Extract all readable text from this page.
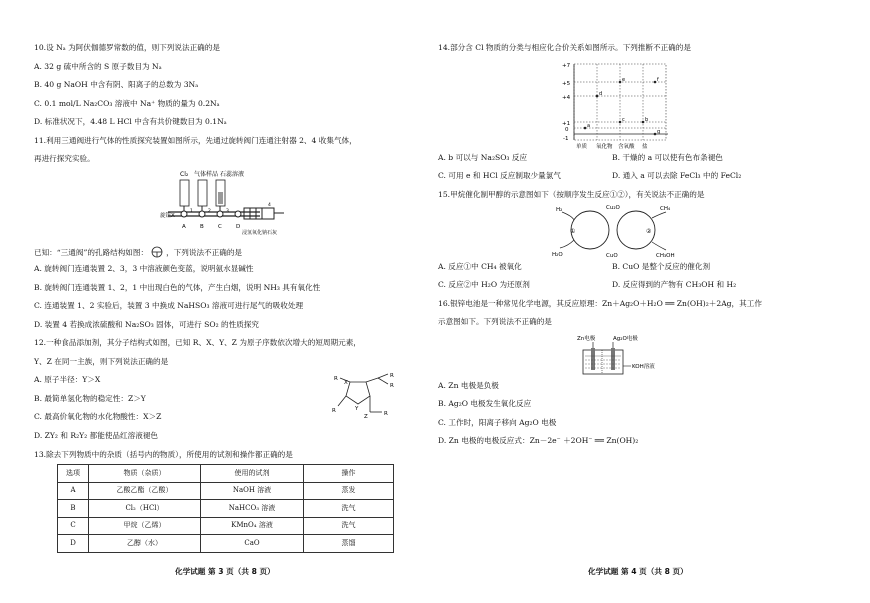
10.设 Nₐ 为阿伏伽德罗常数的值，则下列说法正确的是
A. 32 g 硫中所含的 S 原子数目为 Nₐ
B. 40 g NaOH 中含有阴、阳离子的总数为 3Nₐ
C. 0.1 mol/L Na₂CO₃ 溶液中 Na⁺ 物质的量为 0.2Nₐ
D. 标准状况下，4.48 L HCl 中含有共价键数目为 0.1Nₐ
11.利用三通阀进行气体的性质探究装置如图所示，先通过旋转阀门连通注射器 2、4 收集气体，
再进行探究实验。
Cl₂ 气体样品 石蕊溶液
旋钮X
A	B	C	D
浸氢氧化钠石灰
1	2	3
4
已知：“三通阀”的孔路结构如图： ，下列说法不正确的是
A. 旋转阀门连通装置 2、3，3 中溶液颜色变蓝，说明氨水显碱性
B. 旋转阀门连通装置 1、2，1 中出现白色的气体，产生白烟，说明 NH₃ 具有氧化性
C. 连通装置 1、2 实验后，装置 3 中换成 NaHSO₃ 溶液可进行尾气的吸收处理
D. 装置 4 若换成浓硫酸和 Na₂SO₃ 固体，可进行 SO₂ 的性质探究
12.一种食品添加剂，其分子结构式如图，已知 R、X、Y、Z 为原子序数依次增大的短周期元素，
Y、Z 在同一主族，则下列说法正确的是
A. 原子半径：Y＞X
B. 最简单氢化物的稳定性：Z＞Y
C. 最高价氧化物的水化物酸性：X＞Z
D. ZY₂ 和 R₂Y₂ 都能使品红溶液褪色
R
X
Y
Z	R
R
R
R
13.除去下列物质中的杂质（括号内的物质），所使用的试剂和操作都正确的是
选项	物质（杂质）	使用的试剂	操作
A	乙酸乙酯（乙酸）	NaOH 溶液	蒸发
B	Cl₂（HCl）	NaHCO₃ 溶液	洗气
C	甲烷（乙烯）	KMnO₄ 溶液	洗气
D	乙醇（水）	CaO	蒸馏
化学试题 第 3 页（共 8 页）
14.部分含 Cl 物质的分类与相应化合价关系如图所示。下列推断不正确的是
+7
+5
+4
+1
0
-1
单质 氧化物 含氧酸 盐
e
d
c	b
a
f
g
A. b 可以与 Na₂SO₃ 反应	B. 干燥的 a 可以使有色布条褪色
C. 可用 e 和 HCl 反应制取少量氯气	D. 通入 a 可以去除 FeCl₃ 中的 FeCl₂
15.甲烷催化制甲醇的示意图如下（按顺序发生反应①②），有关说法不正确的是
H₂	Cu₂O	CH₄
①	②
H₂O	CuO	CH₃OH
A. 反应①中 CH₄ 被氧化	B. CuO 是整个反应的催化剂
C. 反应②中 H₂O 为还原剂	D. 反应得到的产物有 CH₃OH 和 H₂
16.银锌电池是一种常见化学电源，其反应原理：Zn＋Ag₂O＋H₂O ══ Zn(OH)₂＋2Ag，其工作
示意图如下。下列说法不正确的是
Zn电极	Ag₂O电极
KOH溶液
A. Zn 电极是负极
B. Ag₂O 电极发生氧化反应
C. 工作时，阳离子移向 Ag₂O 电极
D. Zn 电极的电极反应式：Zn－2e⁻ ＋2OH⁻ ══ Zn(OH)₂
化学试题 第 4 页（共 8 页）
